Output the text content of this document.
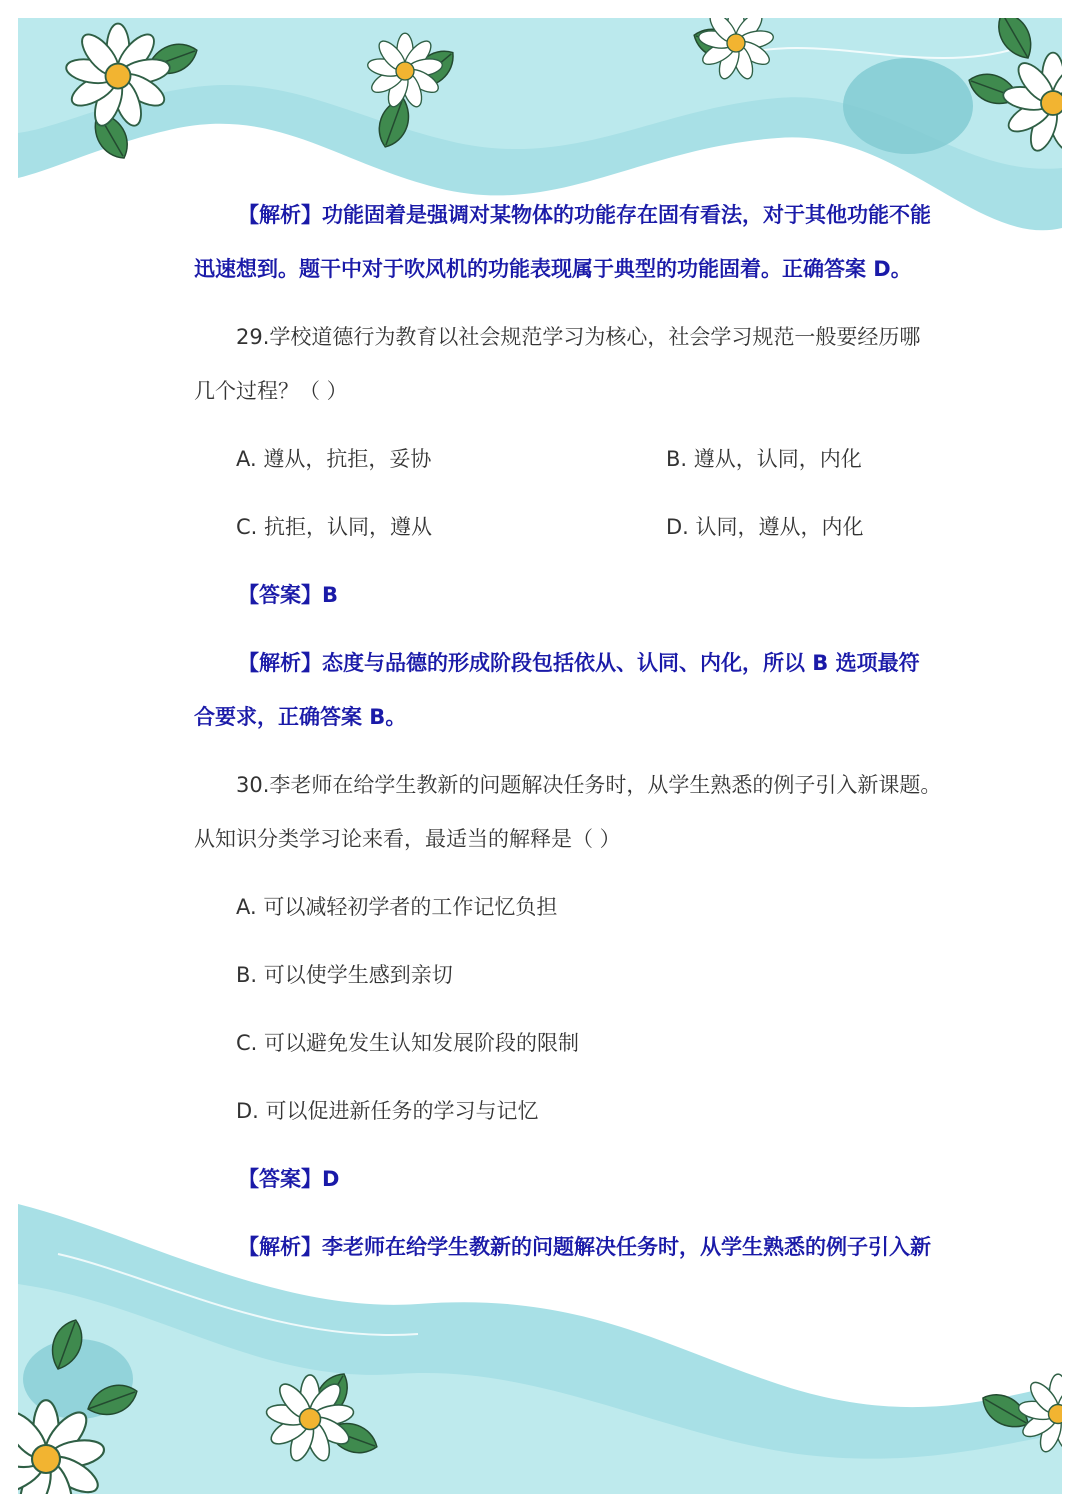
【解析】功能固着是强调对某物体的功能存在固有看法，对于其他功能不能
迅速想到。题干中对于吹风机的功能表现属于典型的功能固着。正确答案 D。
29.学校道德行为教育以社会规范学习为核心，社会学习规范一般要经历哪
几个过程？（ ）
A. 遵从，抗拒，妥协	B. 遵从，认同，内化
C. 抗拒，认同，遵从	D. 认同，遵从，内化
【答案】B
【解析】态度与品德的形成阶段包括依从、认同、内化，所以 B 选项最符
合要求，正确答案 B。
30.李老师在给学生教新的问题解决任务时，从学生熟悉的例子引入新课题。
从知识分类学习论来看，最适当的解释是（ ）
A. 可以减轻初学者的工作记忆负担
B. 可以使学生感到亲切
C. 可以避免发生认知发展阶段的限制
D. 可以促进新任务的学习与记忆
【答案】D
【解析】李老师在给学生教新的问题解决任务时，从学生熟悉的例子引入新
